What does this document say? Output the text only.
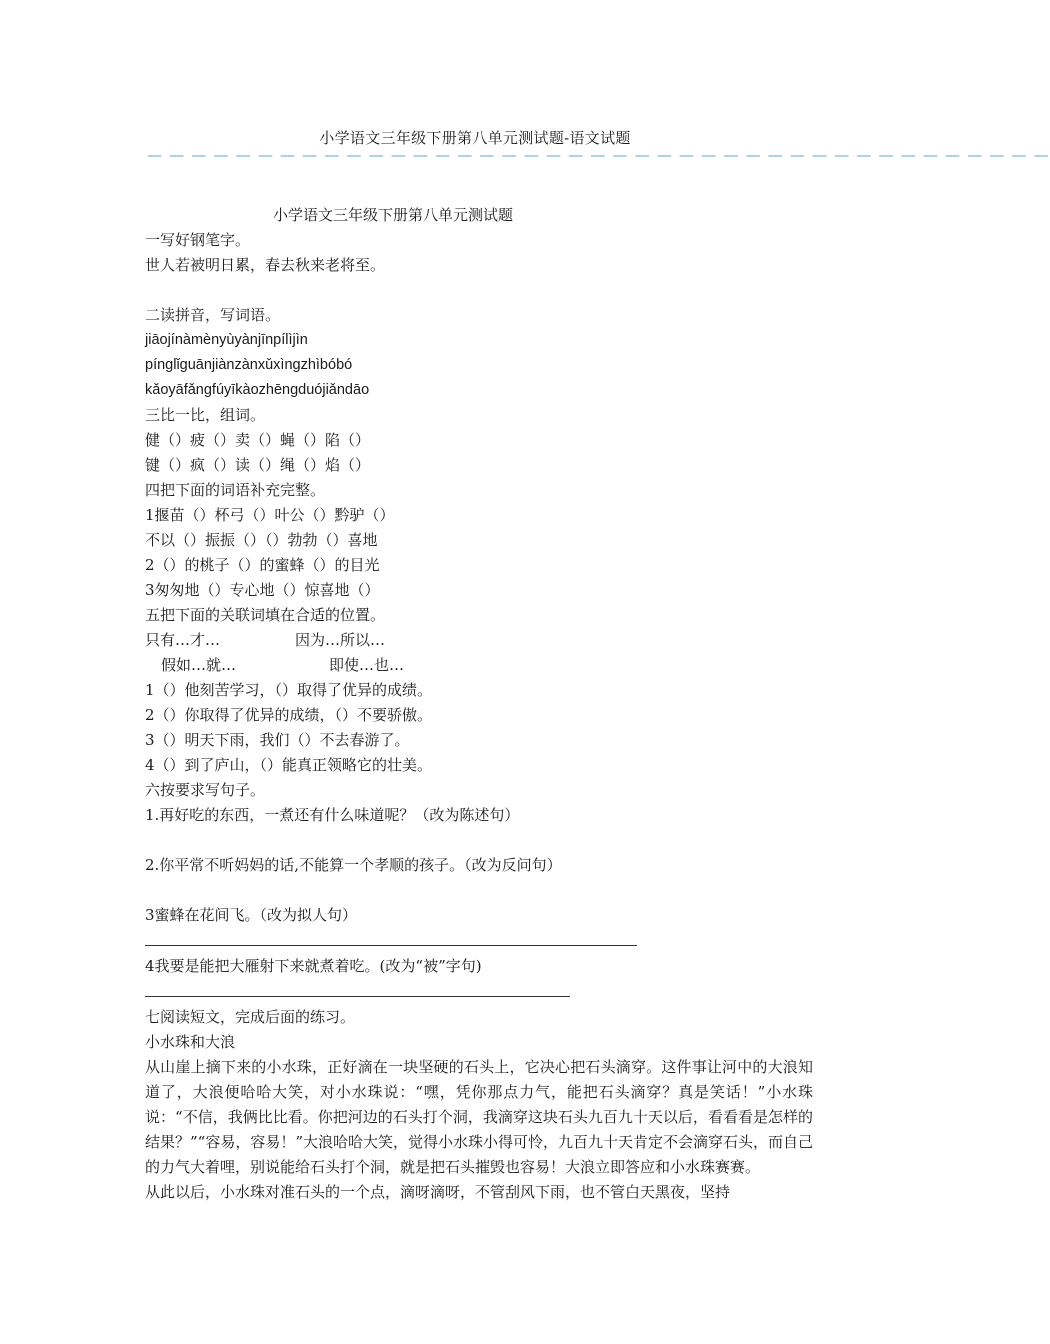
小学语文三年级下册第八单元测试题-语文试题
— — — — — — — — — — — — — — — — — — — — — — — — — — — — — — — — — — — — — — — — —
小学语文三年级下册第八单元测试题
一写好钢笔字。
世人若被明日累，春去秋来老将至。
二读拼音，写词语。
jiāojínàmènyùyànjīnpílìjìn
pínglǐguānjiànzànxǔxìngzhìbóbó
kǎoyāfǎngfúyīkàozhēngduójiǎndāo
三比一比，组词。
健（）疲（）卖（）蝇（）陷（）
键（）疯（）读（）绳（）焰（）
四把下面的词语补充完整。
1揠苗（）杯弓（）叶公（）黔驴（）
不以（）振振（）（）勃勃（）喜地
2（）的桃子（）的蜜蜂（）的目光
3匆匆地（）专心地（）惊喜地（）
五把下面的关联词填在合适的位置。
只有…才…	因为…所以…
假如…就…	即使…也…
1（）他刻苦学习，（）取得了优异的成绩。
2（）你取得了优异的成绩，（）不要骄傲。
3（）明天下雨，我们（）不去春游了。
4（）到了庐山，（）能真正领略它的壮美。
六按要求写句子。
1.再好吃的东西，一煮还有什么味道呢？（改为陈述句）
2.你平常不听妈妈的话,不能算一个孝顺的孩子。（改为反问句）
3蜜蜂在花间飞。（改为拟人句）
4我要是能把大雁射下来就煮着吃。(改为“被”字句)
七阅读短文，完成后面的练习。
小水珠和大浪
从山崖上摘下来的小水珠，正好滴在一块坚硬的石头上，它决心把石头滴穿。这件事让河中的大浪知道了，大浪便哈哈大笑，对小水珠说：“嘿，凭你那点力气，能把石头滴穿？真是笑话！”小水珠说：“不信，我俩比比看。你把河边的石头打个洞，我滴穿这块石头九百九十天以后，看看看是怎样的结果？”“容易，容易！”大浪哈哈大笑，觉得小水珠小得可怜，九百九十天肯定不会滴穿石头，而自己的力气大着哩，别说能给石头打个洞，就是把石头摧毁也容易！大浪立即答应和小水珠赛赛。
从此以后，小水珠对准石头的一个点，滴呀滴呀，不管刮风下雨，也不管白天黑夜，坚持
